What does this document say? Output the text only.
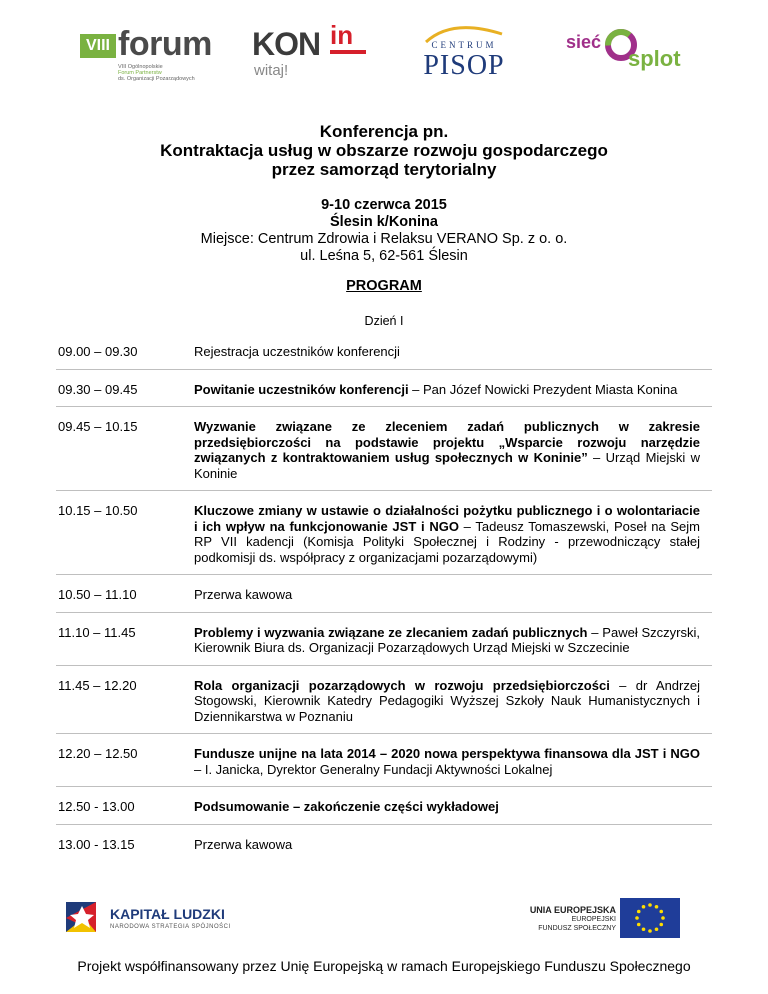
VIII forum
VIII Ogólnopolskie
Forum Partnerstw
ds. Organizacji Pozarządowych
KON in
witaj!
CENTRUM
PISOP
sieć
splot
Konferencja pn.
Kontraktacja usług w obszarze rozwoju gospodarczego
przez samorząd terytorialny
9-10 czerwca 2015
Ślesin k/Konina
Miejsce: Centrum Zdrowia i Relaksu VERANO Sp. z o. o.
ul. Leśna 5, 62-561 Ślesin
PROGRAM
Dzień I
09.00 – 09.30	Rejestracja uczestników konferencji
09.30 – 09.45	Powitanie uczestników konferencji – Pan Józef Nowicki Prezydent Miasta Konina
09.45 – 10.15	Wyzwanie związane ze zleceniem zadań publicznych w zakresie przedsiębiorczości na podstawie projektu „Wsparcie rozwoju narzędzie związanych z kontraktowaniem usług społecznych w Koninie” – Urząd Miejski w Koninie
10.15 – 10.50	Kluczowe zmiany w ustawie o działalności pożytku publicznego i o wolontariacie i ich wpływ na funkcjonowanie JST i NGO – Tadeusz Tomaszewski, Poseł na Sejm RP VII kadencji (Komisja Polityki Społecznej i Rodziny - przewodniczący stałej podkomisji ds. współpracy z organizacjami pozarządowymi)
10.50 – 11.10	Przerwa kawowa
11.10 – 11.45	Problemy i wyzwania związane ze zlecaniem zadań publicznych – Paweł Szczyrski, Kierownik Biura ds. Organizacji Pozarządowych Urząd Miejski w Szczecinie
11.45 – 12.20	Rola organizacji pozarządowych w rozwoju przedsiębiorczości – dr Andrzej Stogowski, Kierownik Katedry Pedagogiki Wyższej Szkoły Nauk Humanistycznych i Dziennikarstwa w Poznaniu
12.20 – 12.50	Fundusze unijne na lata 2014 – 2020 nowa perspektywa finansowa dla JST i NGO – I. Janicka, Dyrektor Generalny Fundacji Aktywności Lokalnej
12.50 - 13.00	Podsumowanie – zakończenie części wykładowej
13.00 - 13.15	Przerwa kawowa
KAPITAŁ LUDZKI
NARODOWA STRATEGIA SPÓJNOŚCI
UNIA EUROPEJSKA
EUROPEJSKI
FUNDUSZ SPOŁECZNY
Projekt współfinansowany przez Unię Europejską w ramach Europejskiego Funduszu Społecznego
